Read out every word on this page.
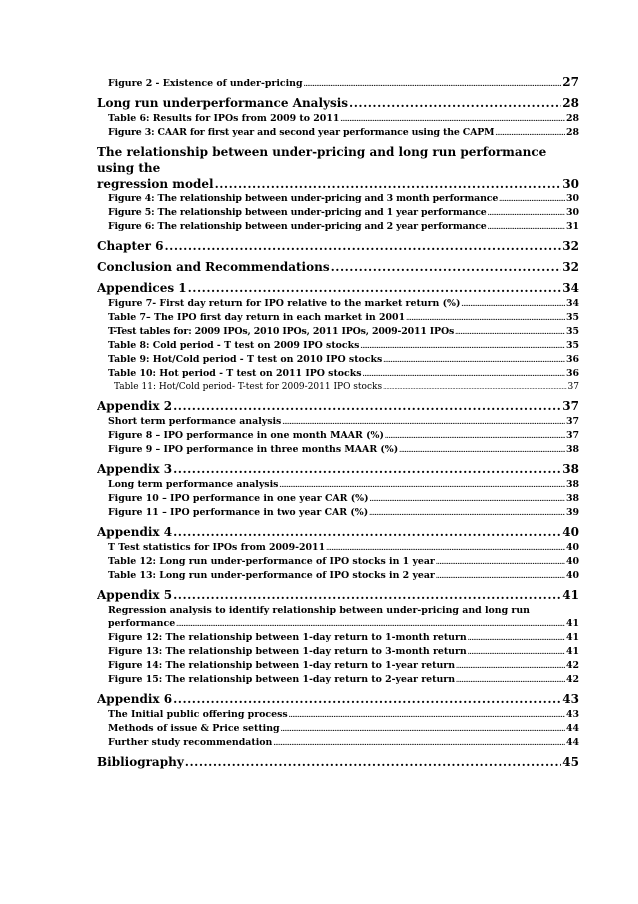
Figure 2 - Existence of under-pricing .....	27
Long run underperformance Analysis .....	28
Table 6: Results for IPOs from 2009 to 2011 .....	28
Figure 3: CAAR for first year and second year performance using the CAPM .....	28
The relationship between under-pricing and long run performance using the
regression model .....	30
Figure 4: The relationship between under-pricing and 3 month performance .....	30
Figure 5: The relationship between under-pricing and 1 year performance .....	30
Figure 6: The relationship between under-pricing and 2 year performance .....	31
Chapter 6 .....	32
Conclusion and Recommendations .....	32
Appendices 1 .....	34
Figure 7- First day return for IPO relative to the market return (%) .....	34
Table 7– The IPO first day return in each market in 2001 .....	35
T-Test tables for: 2009 IPOs, 2010 IPOs, 2011 IPOs, 2009-2011 IPOs .....	35
Table 8: Cold period - T test on 2009 IPO stocks .....	35
Table 9: Hot/Cold period - T test on 2010 IPO stocks .....	36
Table 10: Hot period - T test on 2011 IPO stocks .....	36
Table 11: Hot/Cold period- T-test for 2009-2011 IPO stocks .....	37
Appendix 2 .....	37
Short term performance analysis .....	37
Figure 8 – IPO performance in one month MAAR (%) .....	37
Figure 9 – IPO performance in three months MAAR (%) .....	38
Appendix 3 .....	38
Long term performance analysis .....	38
Figure 10 – IPO performance in one year CAR (%) .....	38
Figure 11 – IPO performance in two year CAR (%) .....	39
Appendix 4 .....	40
T Test statistics for IPOs from 2009-2011 .....	40
Table 12: Long run under-performance of IPO stocks in 1 year .....	40
Table 13: Long run under-performance of IPO stocks in 2 year .....	40
Appendix 5 .....	41
Regression analysis to identify relationship between under-pricing and long run
performance .....	41
Figure 12: The relationship between 1-day return to 1-month return .....	41
Figure 13: The relationship between 1-day return to 3-month return .....	41
Figure 14: The relationship between 1-day return to 1-year return .....	42
Figure 15: The relationship between 1-day return to 2-year return .....	42
Appendix 6 .....	43
The Initial public offering process .....	43
Methods of issue & Price setting .....	44
Further study recommendation .....	44
Bibliography .....	45
